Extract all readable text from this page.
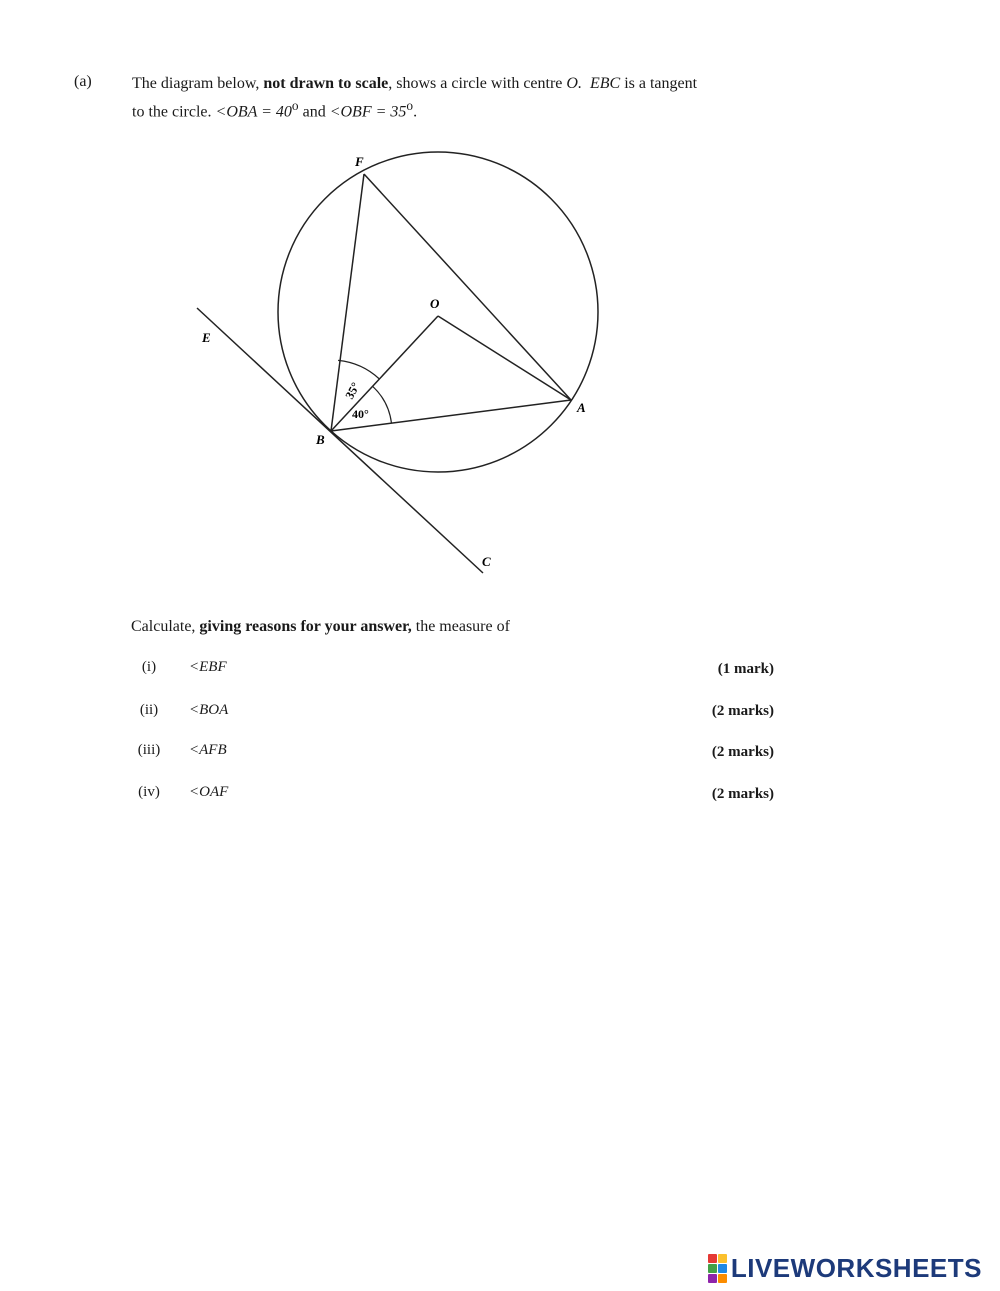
(a)	The diagram below, not drawn to scale, shows a circle with centre O. EBC is a tangent
to the circle. $<OBA = 40^o$ and $<OBF = 35^o$.
F
O
E
A
B
C
35°
40°
Calculate, giving reasons for your answer, the measure of
(i)	<EBF	(1 mark)
(ii)	<BOA	(2 marks)
(iii)	<AFB	(2 marks)
(iv)	<OAF	(2 marks)
LIVEWORKSHEETS
